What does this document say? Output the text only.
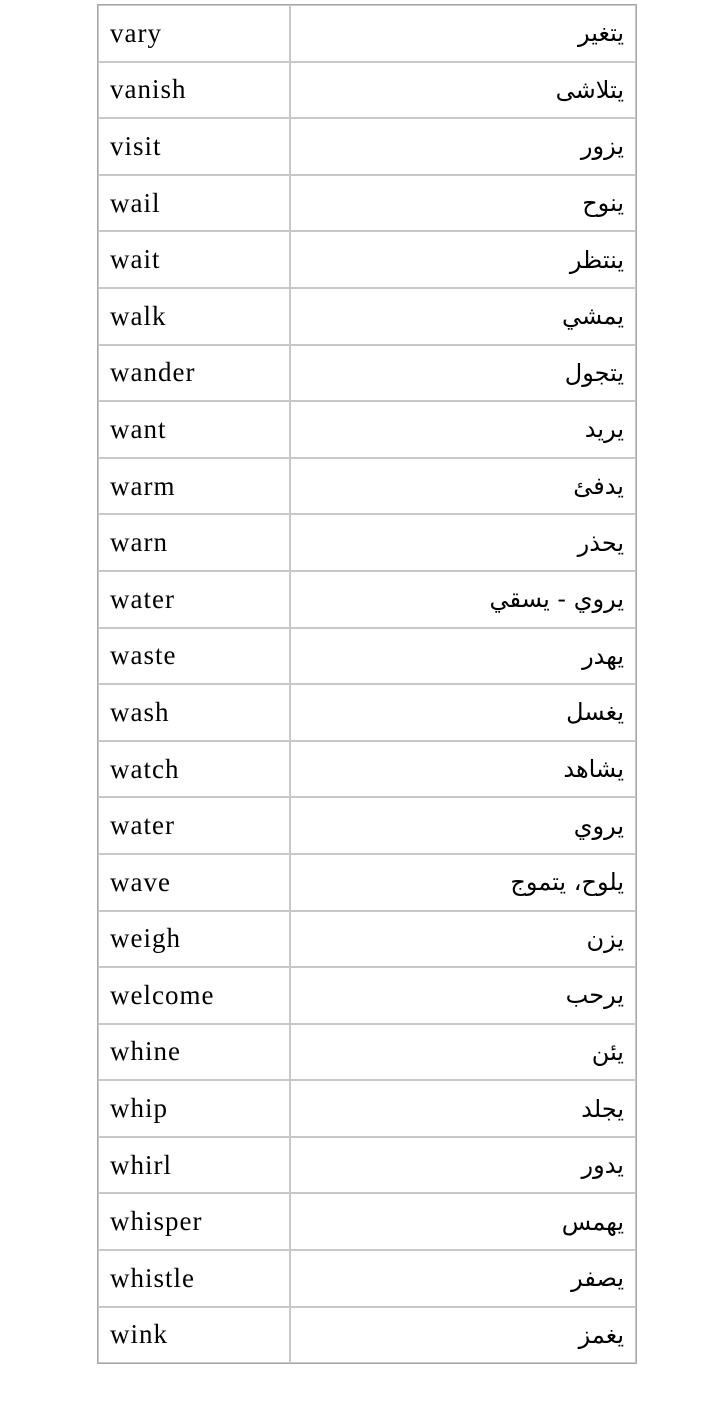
vary	يتغير
vanish	يتلاشى
visit	يزور
wail	ينوح
wait	ينتظر
walk	يمشي
wander	يتجول
want	يريد
warm	يدفئ
warn	يحذر
water	يروي - يسقي
waste	يهدر
wash	يغسل
watch	يشاهد
water	يروي
wave	يلوح، يتموج
weigh	يزن
welcome	يرحب
whine	يئن
whip	يجلد
whirl	يدور
whisper	يهمس
whistle	يصفر
wink	يغمز
